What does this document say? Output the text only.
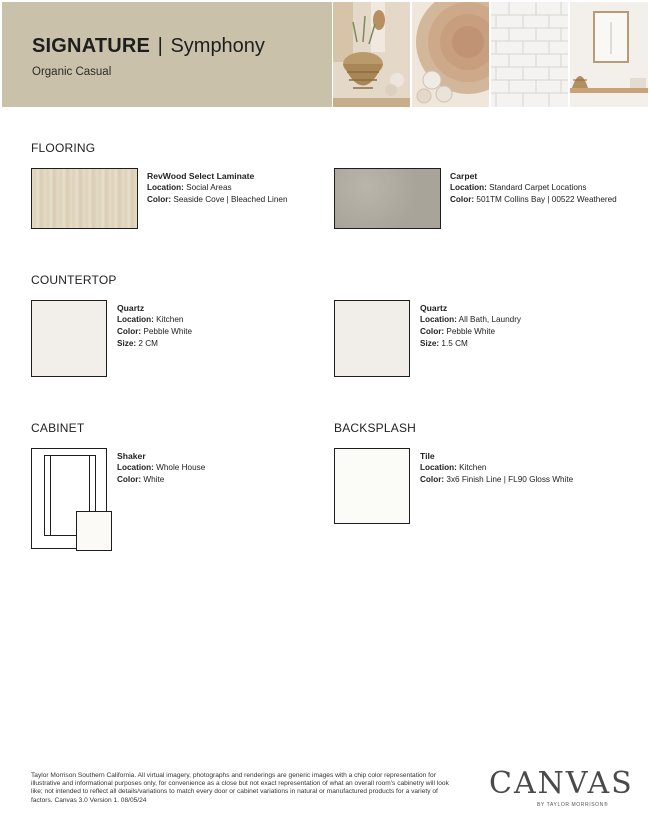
SIGNATURE | Symphony
Organic Casual
FLOORING
RevWood Select Laminate
Location: Social Areas
Color: Seaside Cove | Bleached Linen
Carpet
Location: Standard Carpet Locations
Color: 501TM Collins Bay | 00522 Weathered
COUNTERTOP
Quartz
Location: Kitchen
Color: Pebble White
Size: 2 CM
Quartz
Location: All Bath, Laundry
Color: Pebble White
Size: 1.5 CM
CABINET
Shaker
Location: Whole House
Color: White
BACKSPLASH
Tile
Location: Kitchen
Color: 3x6 Finish Line | FL90 Gloss White
Taylor Morrison Southern California. All virtual imagery, photographs and renderings are generic images with a chip color representation for illustrative and informational purposes only, for convenience as a close but not exact representation of what an overall room's cabinetry will look like; not intended to reflect all details/variations to match every door or cabinet variations in natural or manufactured products for a variety of factors. Canvas 3.0 Version 1. 08/05/24	CANVAS
BY TAYLOR MORRISON®
